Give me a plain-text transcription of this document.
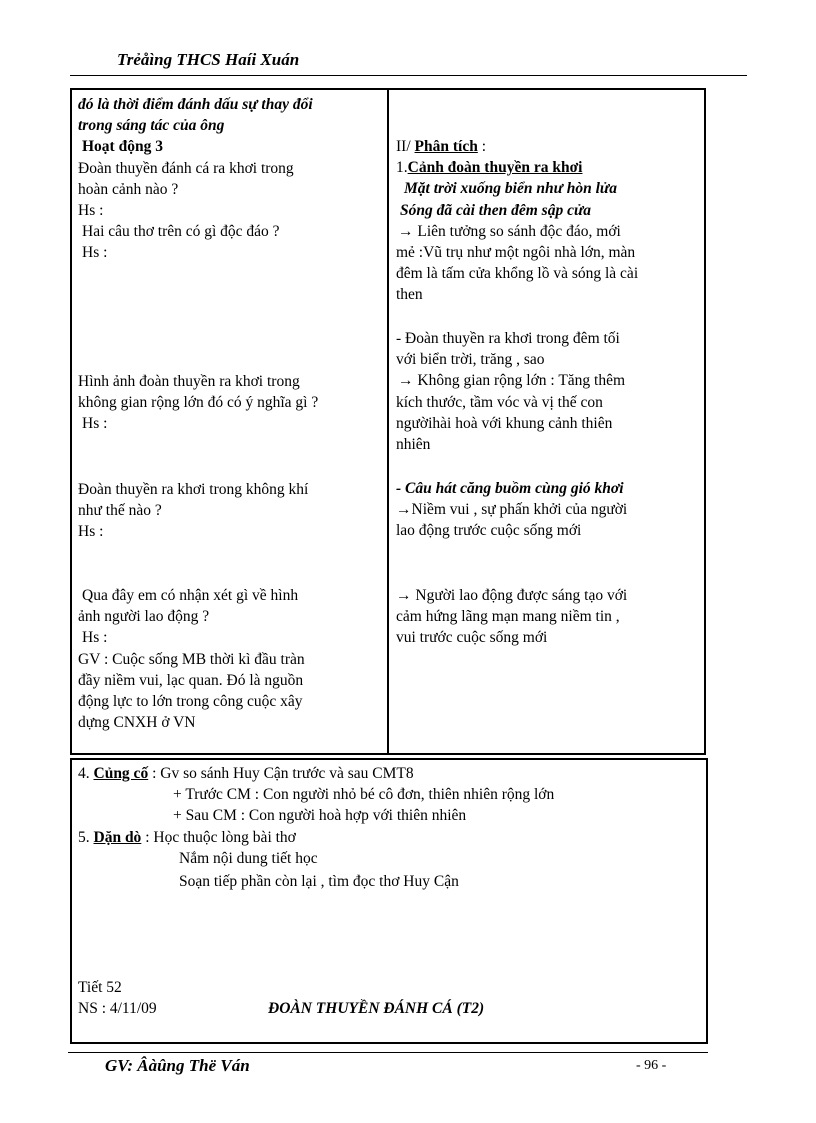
Trẻåìng THCS Haíi Xuán
đó là thời điểm đánh dấu sự thay đổi
trong sáng tác của ông
Hoạt động 3
Đoàn thuyền đánh cá ra khơi trong
hoàn cảnh nào ?
Hs :
Hai câu thơ trên có gì độc đáo ?
Hs :
Hình ảnh đoàn thuyền ra khơi trong
không gian rộng lớn đó có ý nghĩa gì ?
Hs :
Đoàn thuyền ra khơi trong không khí
như thế nào ?
Hs :
Qua đây em có nhận xét gì về hình
ảnh người lao động ?
Hs :
GV : Cuộc sống MB thời kì đầu tràn
đầy niềm vui, lạc quan. Đó là nguồn
động lực to lớn trong công cuộc xây
dựng CNXH ở VN
II/ Phân tích :
1.Cảnh đoàn thuyền ra khơi
Mặt trời xuống biển như hòn lửa
Sóng đã cài then đêm sập cửa
→ Liên tưởng so sánh độc đáo, mới
mẻ :Vũ trụ như một ngôi nhà lớn, màn
đêm là tấm cửa khổng lồ và sóng là cài
then
- Đoàn thuyền ra khơi trong đêm tối
với biển trời, trăng , sao
→ Không gian rộng lớn : Tăng thêm
kích thước, tầm vóc và vị thế con
ngườihài hoà với khung cảnh thiên
nhiên
- Câu hát căng buồm cùng gió khơi
→Niềm vui , sự phấn khởi của người
lao động trước cuộc sống mới
→ Người lao động được sáng tạo với
cảm hứng lãng mạn mang niềm tin ,
vui trước cuộc sống mới
4. Củng cố : Gv so sánh Huy Cận trước và sau CMT8
+ Trước CM : Con người nhỏ bé cô đơn, thiên nhiên rộng lớn
+ Sau CM : Con người hoà hợp với thiên nhiên
5. Dặn dò : Học thuộc lòng bài thơ
Nắm nội dung tiết học
Soạn tiếp phần còn lại , tìm đọc thơ Huy Cận
Tiết 52
NS : 4/11/09	ĐOÀN THUYỀN ĐÁNH CÁ (T2)
GV: Âàûng Thë Ván	- 96 -
